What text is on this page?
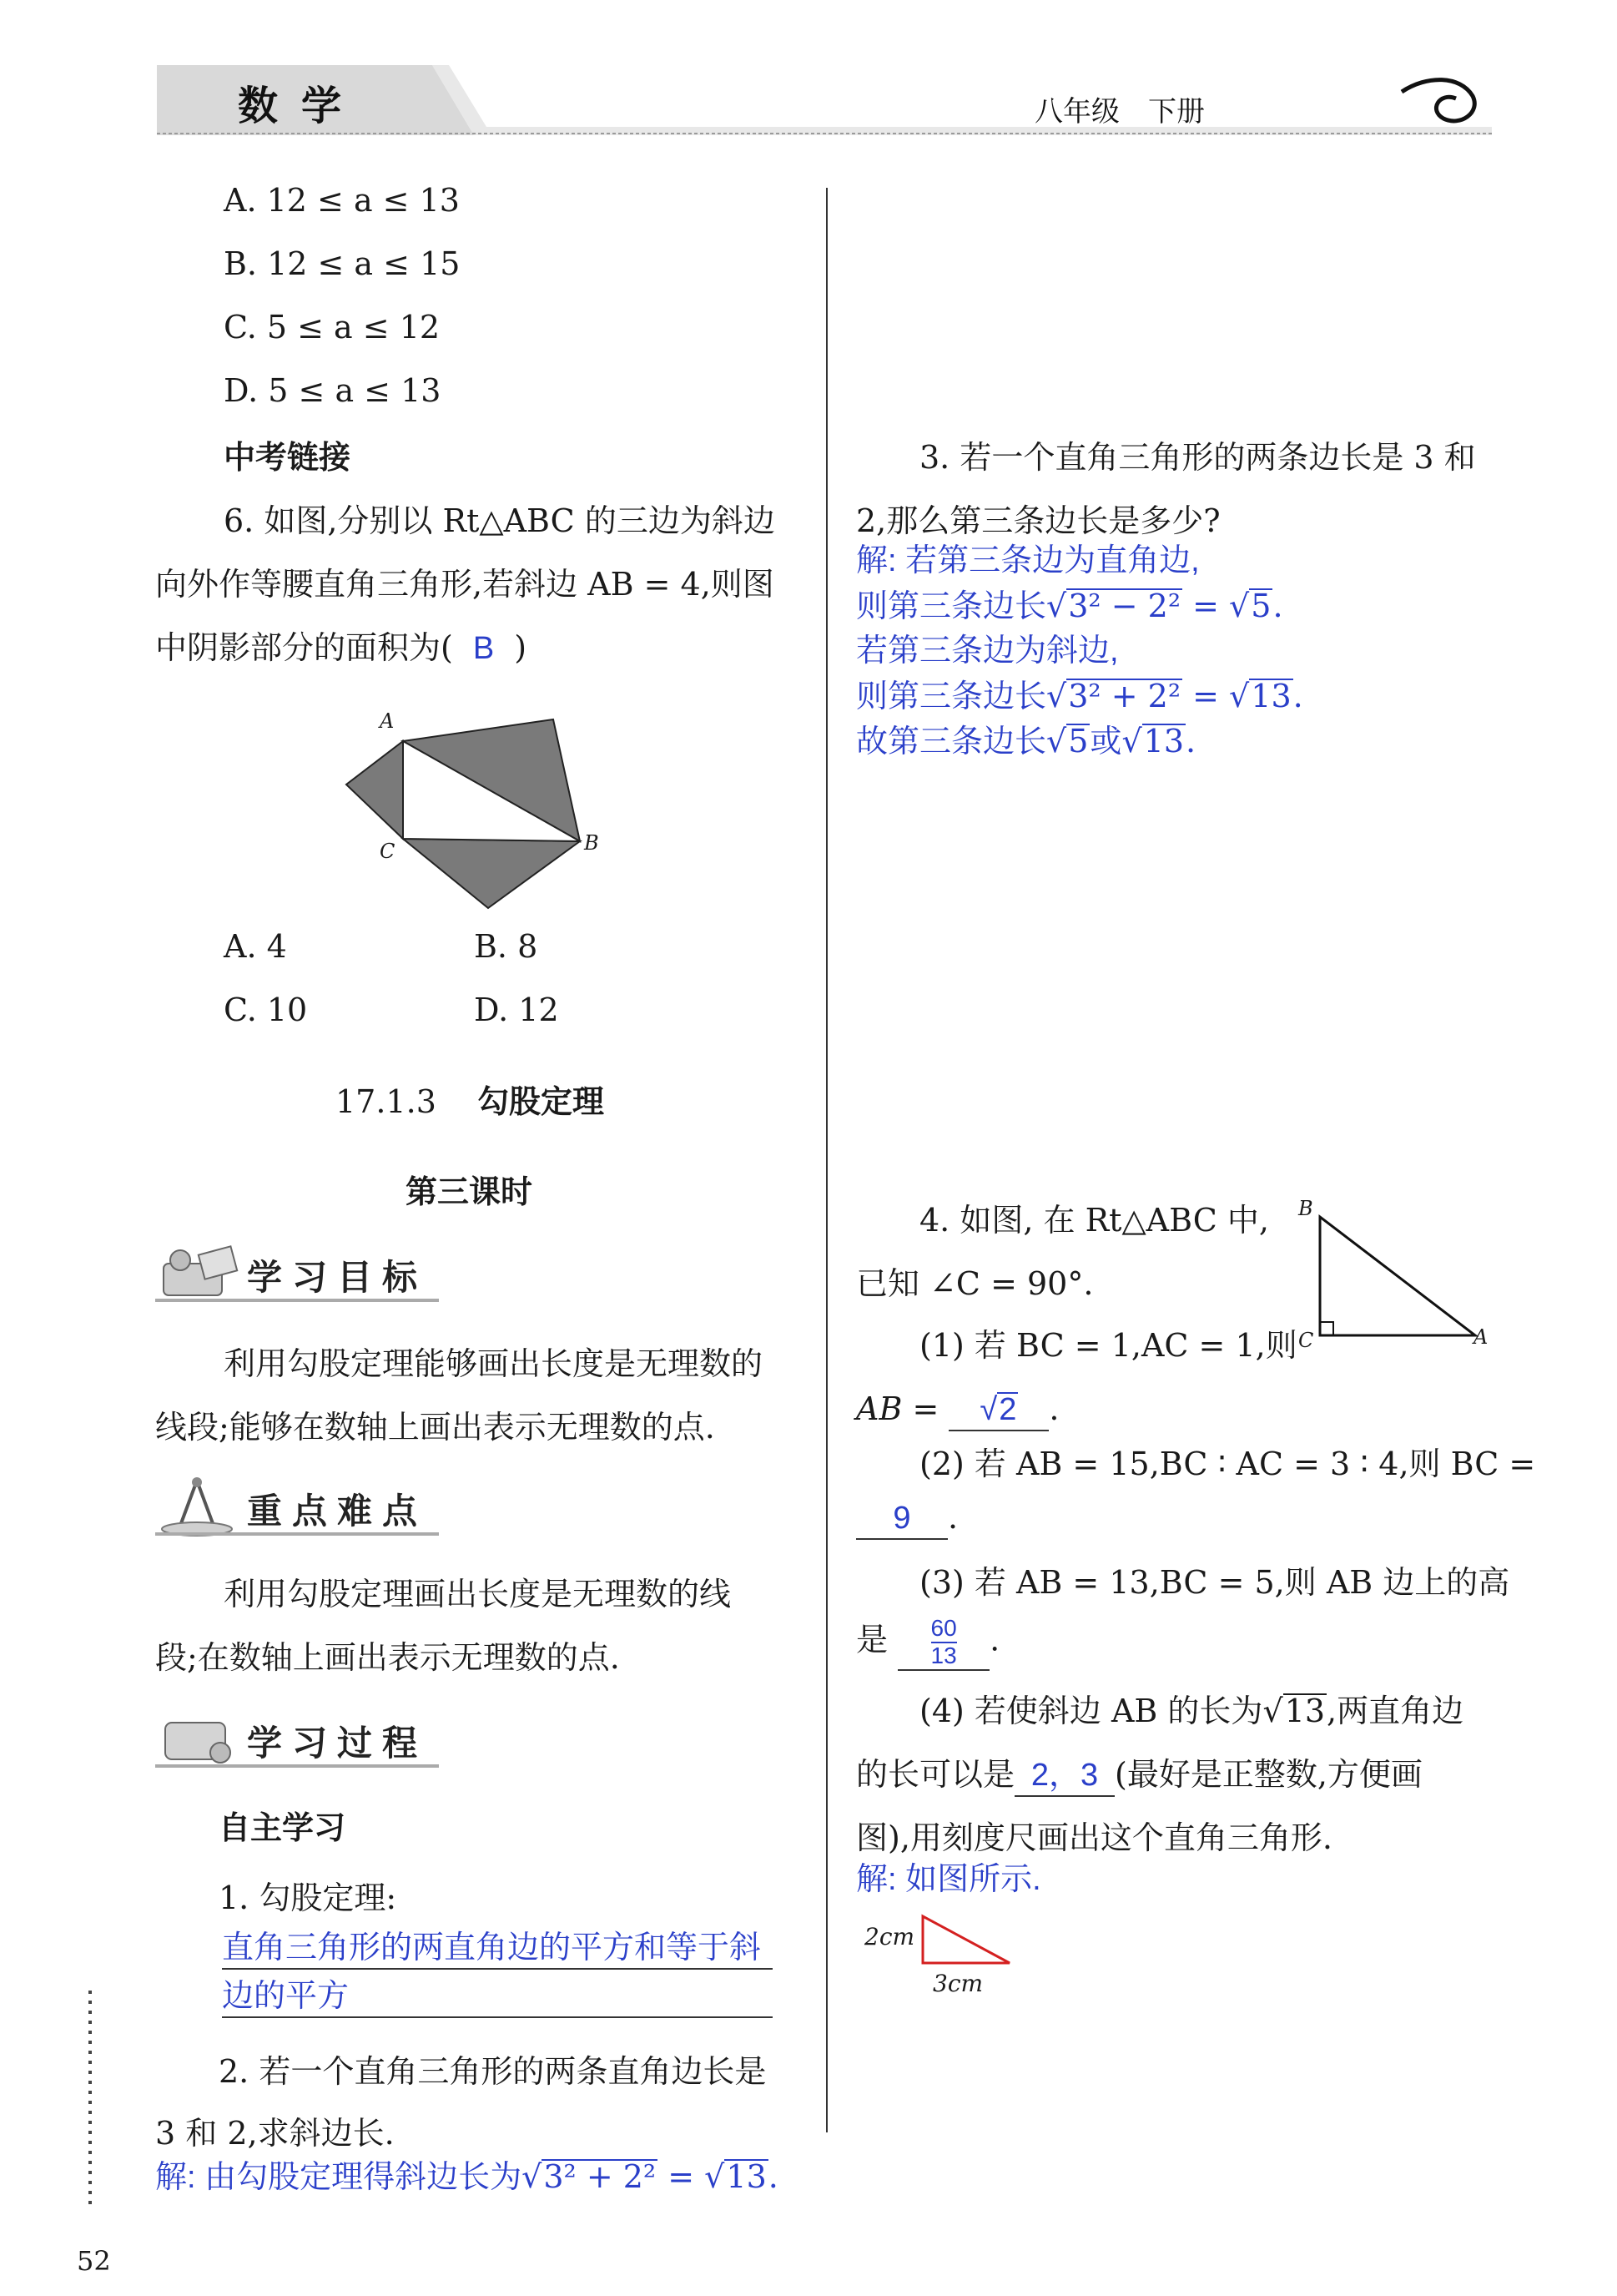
数学	八年级　下册
A. 12 ≤ a ≤ 13
B. 12 ≤ a ≤ 15
C. 5 ≤ a ≤ 12
D. 5 ≤ a ≤ 13
中考链接
6. 如图,分别以 Rt△ABC 的三边为斜边
向外作等腰直角三角形,若斜边 AB = 4,则图
中阴影部分的面积为( B )
A
B
C
A. 4	B. 8
C. 10	D. 12
17.1.3 勾股定理
第三课时
学习目标
利用勾股定理能够画出长度是无理数的
线段;能够在数轴上画出表示无理数的点.
重点难点
利用勾股定理画出长度是无理数的线
段;在数轴上画出表示无理数的点.
学习过程
自主学习
1. 勾股定理:
直角三角形的两直角边的平方和等于斜
边的平方
2. 若一个直角三角形的两条直角边长是
3 和 2,求斜边长.
解: 由勾股定理得斜边长为√3² + 2² = √13.
52
3. 若一个直角三角形的两条边长是 3 和
2,那么第三条边长是多少?
解: 若第三条边为直角边,
则第三条边长√3² − 2² = √5.
若第三条边为斜边,
则第三条边长√3² + 2² = √13.
故第三条边长√5或√13.
4. 如图, 在 Rt△ABC 中,
已知 ∠C = 90°.
B
A
C
(1) 若 BC = 1,AC = 1,则
AB = √2 .
(2) 若 AB = 15,BC ∶ AC = 3 ∶ 4,则 BC =
9 .
(3) 若 AB = 13,BC = 5,则 AB 边上的高
是 $\frac{60}{13}$ .
(4) 若使斜边 AB 的长为√13,两直角边
的长可以是 2，3 (最好是正整数,方便画
图),用刻度尺画出这个直角三角形.
解: 如图所示.
2cm
3cm
